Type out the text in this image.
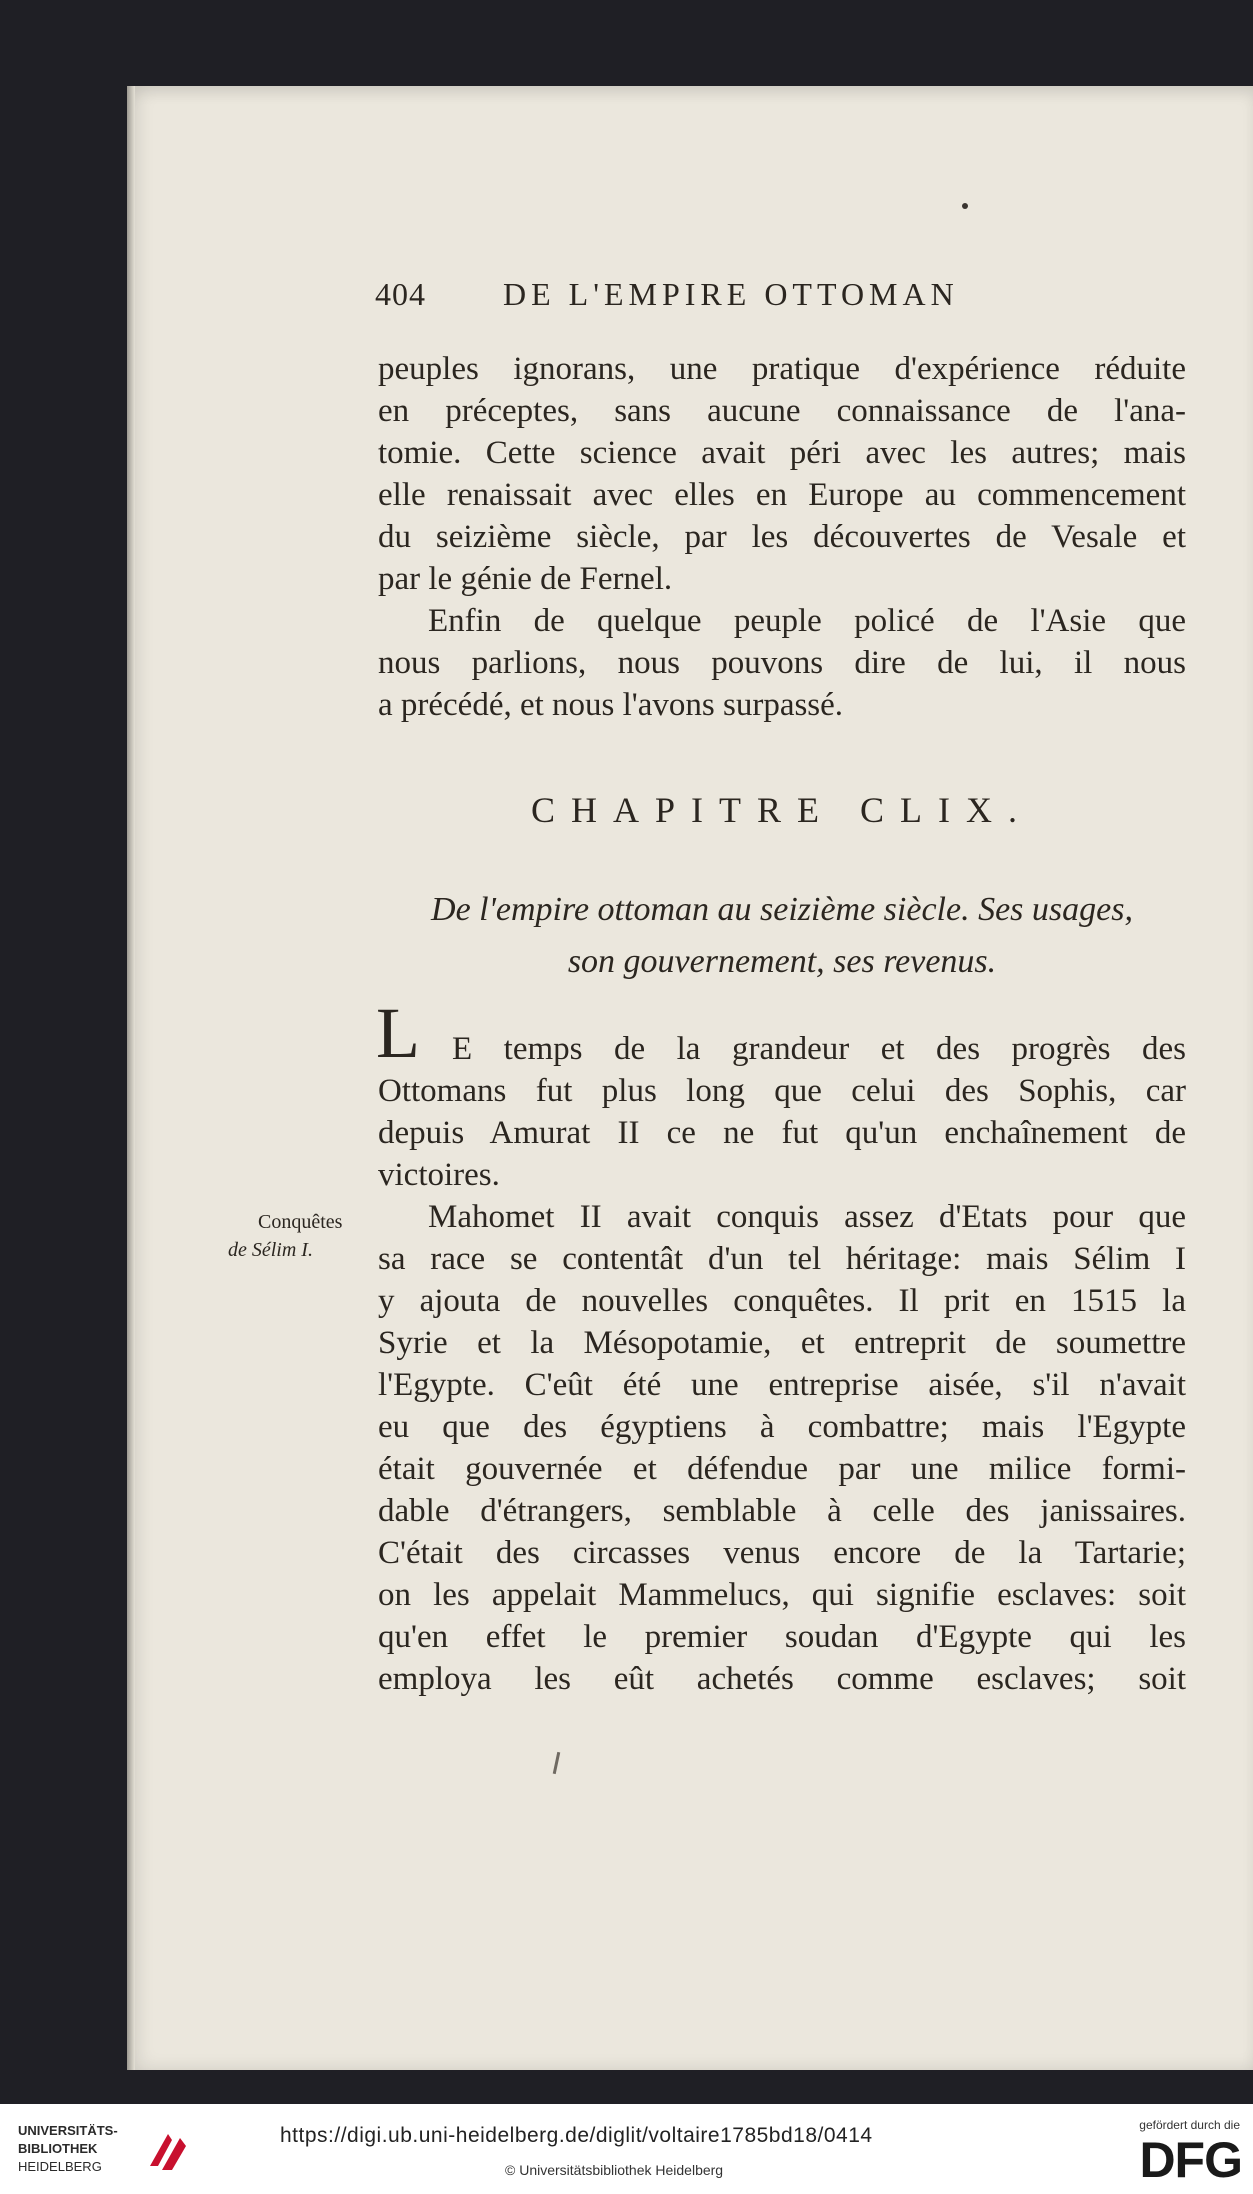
404 DE L'EMPIRE OTTOMAN
peuples ignorans, une pratique d'expérience réduite
en préceptes, sans aucune connaissance de l'ana-
tomie. Cette science avait péri avec les autres; mais
elle renaissait avec elles en Europe au commencement
du seizième siècle, par les découvertes de Vesale et
par le génie de Fernel.
Enfin de quelque peuple policé de l'Asie que
nous parlions, nous pouvons dire de lui, il nous
a précédé, et nous l'avons surpassé.
CHAPITRE CLIX.
De l'empire ottoman au seizième siècle. Ses usages,
son gouvernement, ses revenus.
L E temps de la grandeur et des progrès des
Ottomans fut plus long que celui des Sophis, car
depuis Amurat II ce ne fut qu'un enchaînement de
victoires.
Mahomet II avait conquis assez d'Etats pour que
sa race se contentât d'un tel héritage: mais Sélim I
y ajouta de nouvelles conquêtes. Il prit en 1515 la
Syrie et la Mésopotamie, et entreprit de soumettre
l'Egypte. C'eût été une entreprise aisée, s'il n'avait
eu que des égyptiens à combattre; mais l'Egypte
était gouvernée et défendue par une milice formi-
dable d'étrangers, semblable à celle des janissaires.
C'était des circasses venus encore de la Tartarie;
on les appelait Mammelucs, qui signifie esclaves: soit
qu'en effet le premier soudan d'Egypte qui les
employa les eût achetés comme esclaves; soit
Conquêtes
de Sélim I.
UNIVERSITÄTS-
BIBLIOTHEK
HEIDELBERG
https://digi.ub.uni-heidelberg.de/diglit/voltaire1785bd18/0414
© Universitätsbibliothek Heidelberg
gefördert durch die
DFG
